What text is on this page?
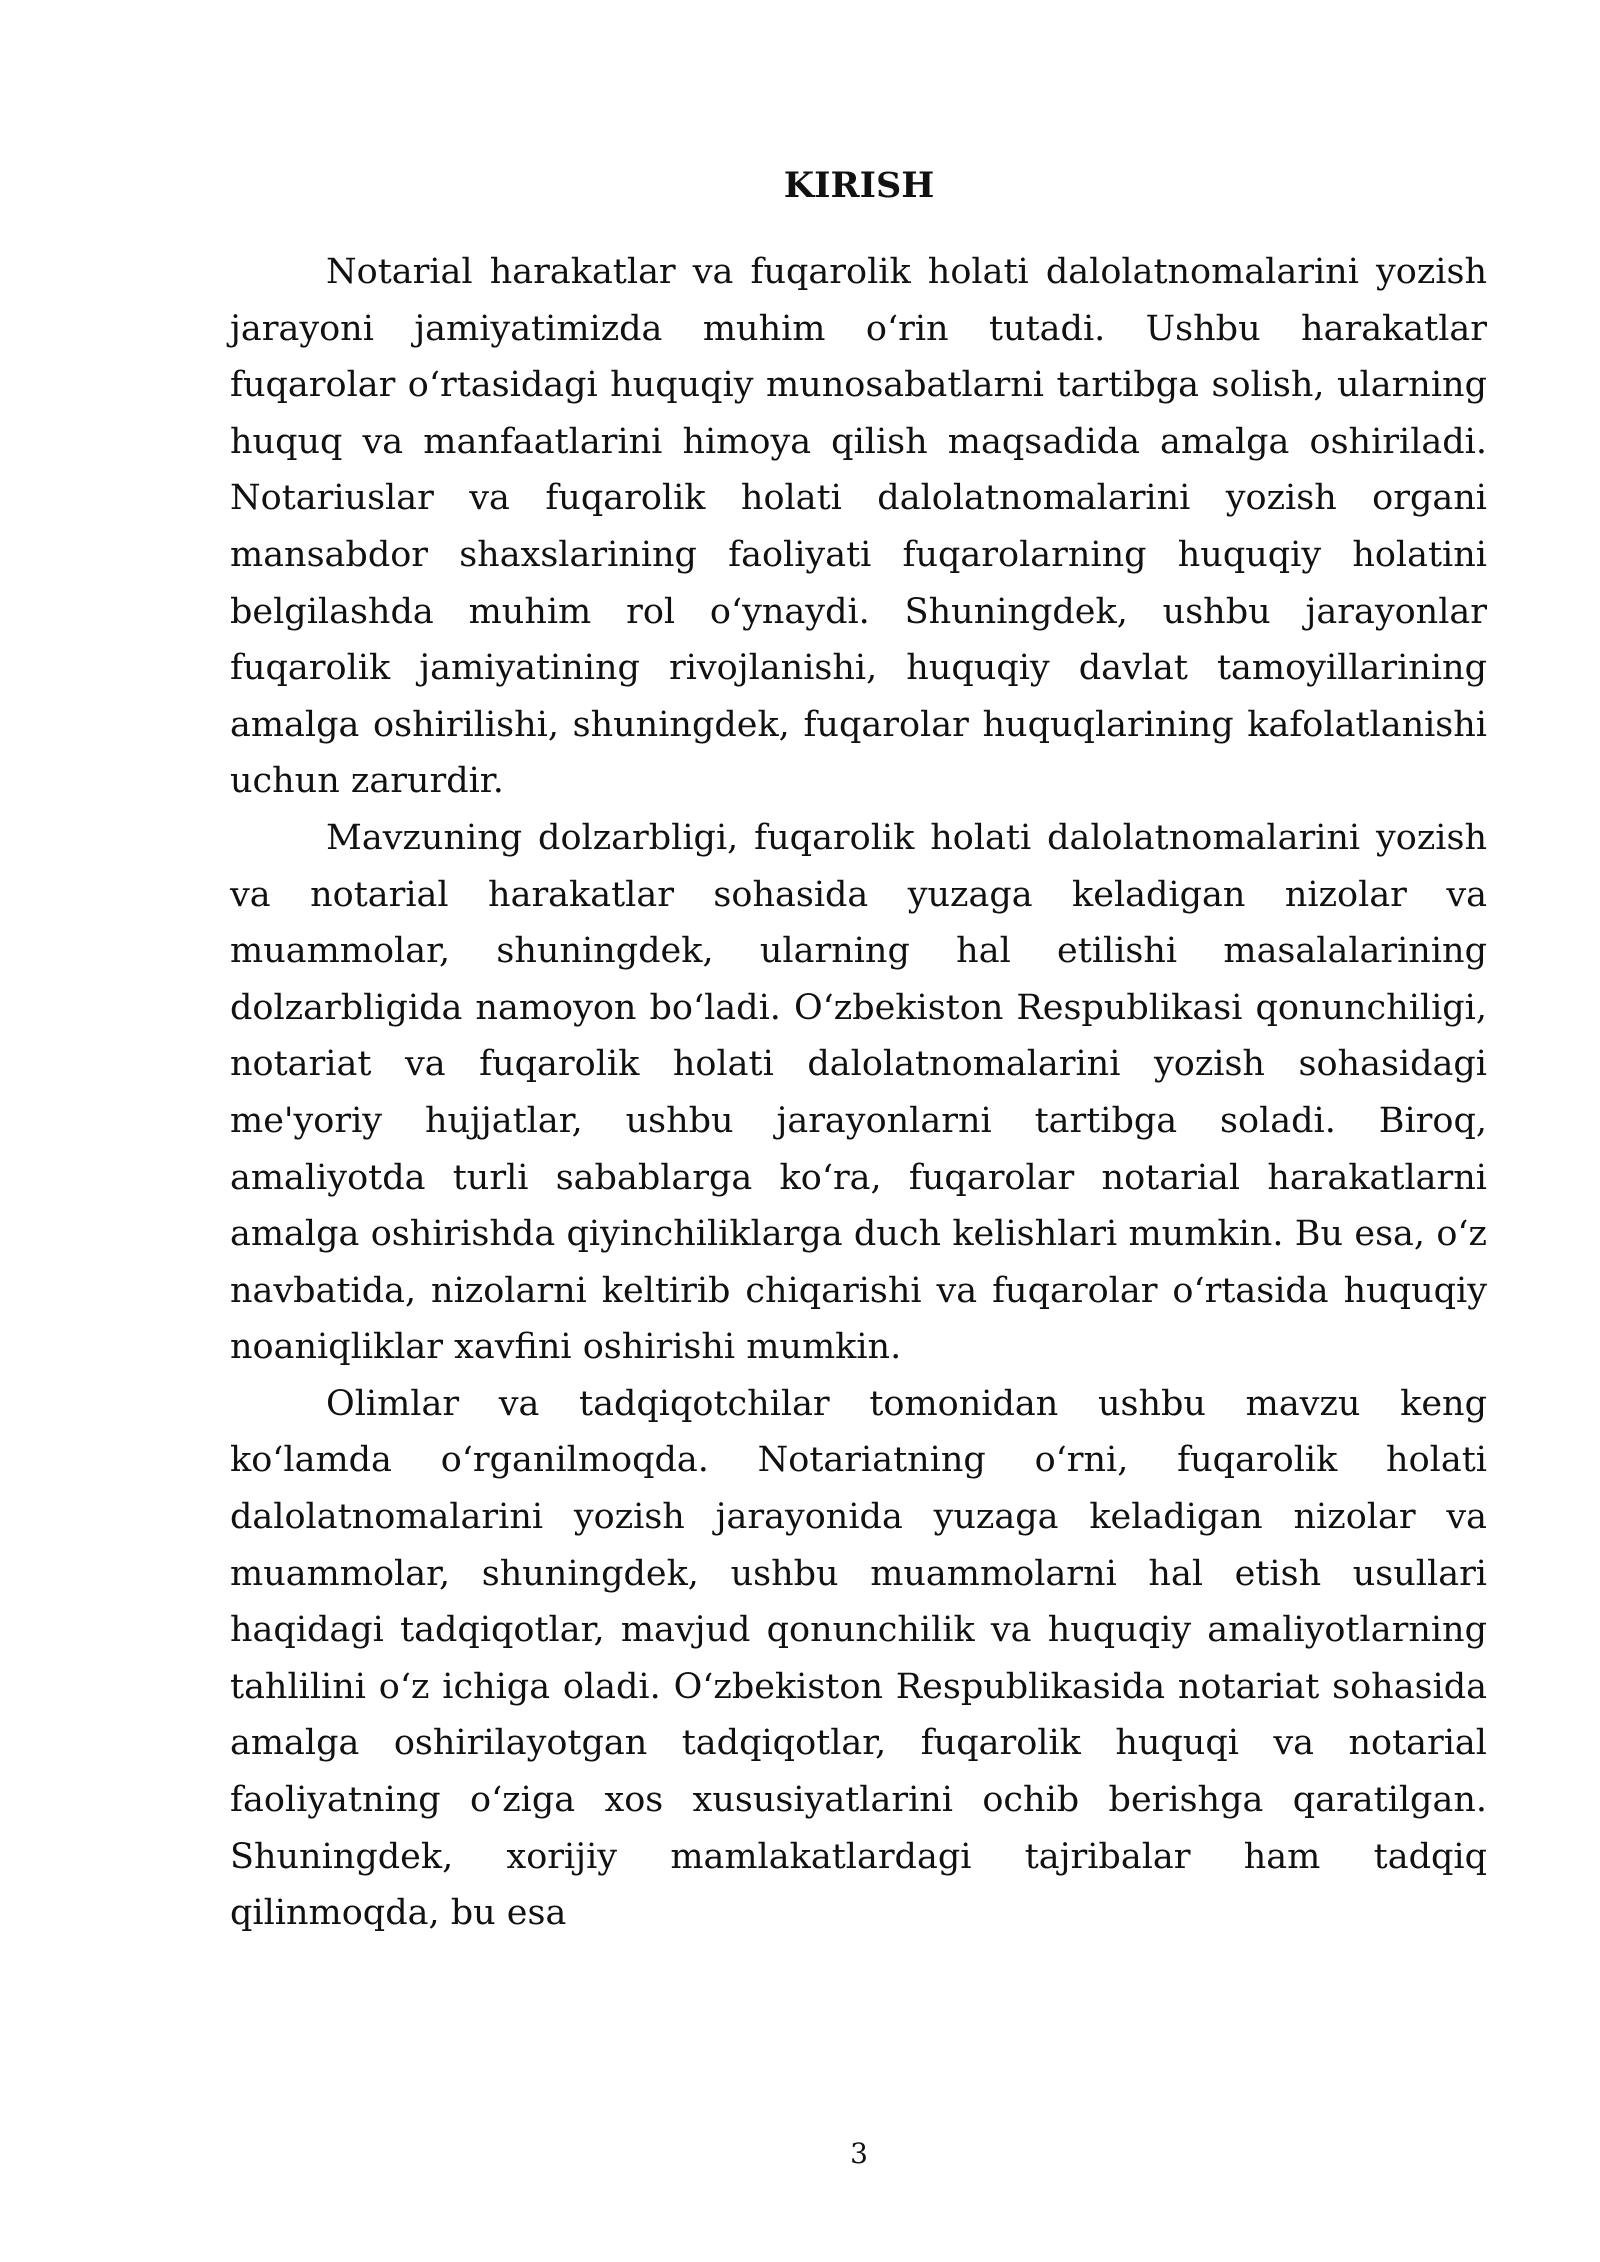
KIRISH

Notarial harakatlar va fuqarolik holati dalolatnomalarini yozish jarayoni jamiyatimizda muhim oʻrin tutadi. Ushbu harakatlar fuqarolar oʻrtasidagi huquqiy munosabatlarni tartibga solish, ularning huquq va manfaatlarini himoya qilish maqsadida amalga oshiriladi. Notariuslar va fuqarolik holati dalolatnomalarini yozish organi mansabdor shaxslarining faoliyati fuqarolarning huquqiy holatini belgilashda muhim rol oʻynaydi. Shuningdek, ushbu jarayonlar fuqarolik jamiyatining rivojlanishi, huquqiy davlat tamoyillarining amalga oshirilishi, shuningdek, fuqarolar huquqlarining kafolatlanishi uchun zarurdir.

Mavzuning dolzarbligi, fuqarolik holati dalolatnomalarini yozish va notarial harakatlar sohasida yuzaga keladigan nizolar va muammolar, shuningdek, ularning hal etilishi masalalarining dolzarbligida namoyon boʻladi. Oʻzbekiston Respublikasi qonunchiligi, notariat va fuqarolik holati dalolatnomalarini yozish sohasidagi me'yoriy hujjatlar, ushbu jarayonlarni tartibga soladi. Biroq, amaliyotda turli sabablarga koʻra, fuqarolar notarial harakatlarni amalga oshirishda qiyinchiliklarga duch kelishlari mumkin. Bu esa, oʻz navbatida, nizolarni keltirib chiqarishi va fuqarolar oʻrtasida huquqiy noaniqliklar xavfini oshirishi mumkin.

Olimlar va tadqiqotchilar tomonidan ushbu mavzu keng koʻlamda oʻrganilmoqda. Notariatning oʻrni, fuqarolik holati dalolatnomalarini yozish jarayonida yuzaga keladigan nizolar va muammolar, shuningdek, ushbu muammolarni hal etish usullari haqidagi tadqiqotlar, mavjud qonunchilik va huquqiy amaliyotlarning tahlilini oʻz ichiga oladi. Oʻzbekiston Respublikasida notariat sohasida amalga oshirilayotgan tadqiqotlar, fuqarolik huquqi va notarial faoliyatning oʻziga xos xususiyatlarini ochib berishga qaratilgan. Shuningdek, xorijiy mamlakatlardagi tajribalar ham tadqiq qilinmoqda, bu esa

3
